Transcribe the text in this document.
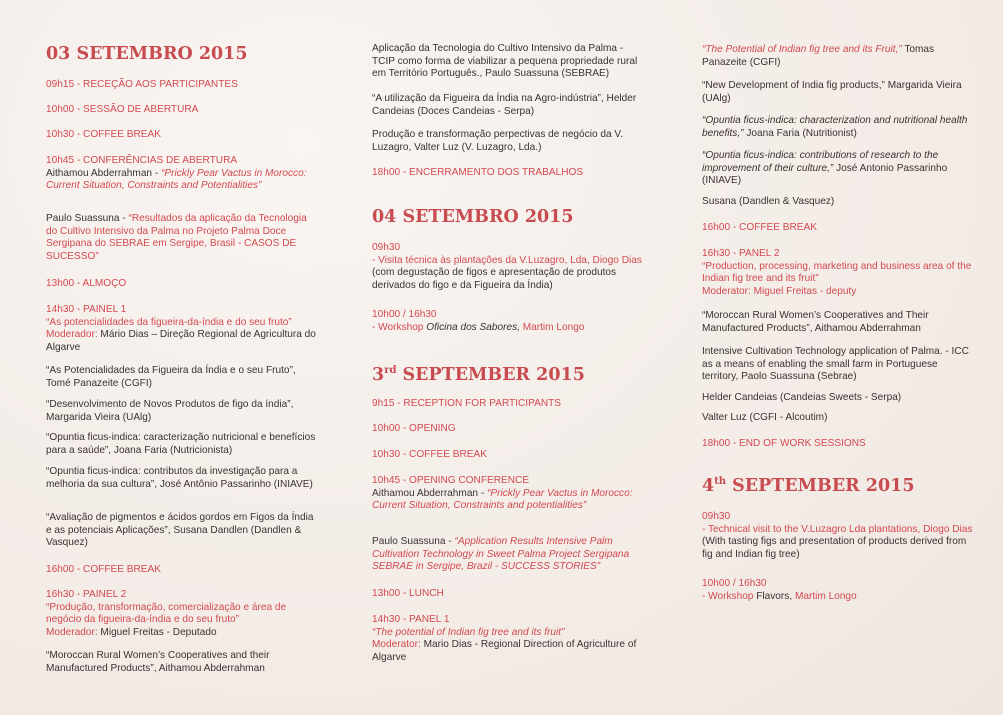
03 SETEMBRO 2015

09h15 - RECEÇÃO AOS PARTICIPANTES

10h00 - SESSÃO DE ABERTURA

10h30 - COFFEE BREAK

10h45 - CONFERÊNCIAS DE ABERTURA
Aithamou Abderrahman - “Prickly Pear Vactus in Morocco: Current Situation, Constraints and Potentialities”

Paulo Suassuna - “Resultados da aplicação da Tecnologia do Cultivo Intensivo da Palma no Projeto Palma Doce Sergipana do SEBRAE em Sergipe, Brasil - CASOS DE SUCESSO”

13h00 - ALMOÇO

14h30 - PAINEL 1
“As potencialidades da figueira-da-índia e do seu fruto”
Moderador: Mário Dias – Direção Regional de Agricultura do Algarve

“As Potencialidades da Figueira da Índia e o seu Fruto”, Tomé Panazeite (CGFI)

“Desenvolvimento de Novos Produtos de figo da índia”, Margarida Vieira (UAlg)

“Opuntia ficus-indica: caracterização nutricional e benefícios para a saúde”, Joana Faria (Nutricionista)

“Opuntia ficus-indica: contributos da investigação para a melhoria da sua cultura”, José Antônio Passarinho (INIAVE)

“Avaliação de pigmentos e ácidos gordos em Figos da Índia e as potenciais Aplicações”, Susana Dandlen (Dandlen & Vasquez)

16h00 - COFFEE BREAK

16h30 - PAINEL 2
“Produção, transformação, comercialização e área de negócio da figueira-da-índia e do seu fruto”
Moderador: Miguel Freitas - Deputado

“Moroccan Rural Women’s Cooperatives and their Manufactured Products”, Aithamou Abderrahman

Aplicação da Tecnologia do Cultivo Intensivo da Palma - TCIP como forma de viabilizar a pequena propriedade rural em Território Português., Paulo Suassuna (SEBRAE)

“A utilização da Figueira da Índia na Agro-indústria”, Helder Candeias (Doces Candeias - Serpa)

Produção e transformação perpectivas de negócio da V. Luzagro, Valter Luz (V. Luzagro, Lda.)

18h00 - ENCERRAMENTO DOS TRABALHOS

04 SETEMBRO 2015

09h30
- Visita técnica às plantações da V.Luzagro, Lda, Diogo Dias (com degustação de figos e apresentação de produtos derivados do figo e da Figueira da Índia)

10h00 / 16h30
- Workshop Oficina dos Sabores, Martim Longo

3rd SEPTEMBER 2015

9h15 - RECEPTION FOR PARTICIPANTS

10h00 - OPENING

10h30 - COFFEE BREAK

10h45 - OPENING CONFERENCE
Aithamou Abderrahman - “Prickly Pear Vactus in Morocco: Current Situation, Constraints and potentialities”

Paulo Suassuna - “Application Results Intensive Palm Cultivation Technology in Sweet Palma Project Sergipana SEBRAE in Sergipe, Brazil - SUCCESS STORIES”

13h00 - LUNCH

14h30 - PANEL 1
“The potential of Indian fig tree and its fruit”
Moderator: Mario Dias - Regional Direction of Agriculture of Algarve

“The Potential of Indian fig tree and its Fruit,” Tomas Panazeite (CGFI)

“New Development of India fig products,” Margarida Vieira (UAlg)

“Opuntia ficus-indica: characterization and nutritional health benefits,” Joana Faria (Nutritionist)

“Opuntia ficus-indica: contributions of research to the improvement of their culture,” José Antonio Passarinho (INIAVE)

Susana (Dandlen & Vasquez)

16h00 - COFFEE BREAK

16h30 - PANEL 2
“Production, processing, marketing and business area of the Indian fig tree and its fruit”
Moderator: Miguel Freitas - deputy

“Moroccan Rural Women’s Cooperatives and Their Manufactured Products”, Aithamou Abderrahman

Intensive Cultivation Technology application of Palma. - ICC as a means of enabling the small farm in Portuguese territory, Paolo Suassuna (Sebrae)

Helder Candeias (Candeias Sweets - Serpa)

Valter Luz (CGFI - Alcoutim)

18h00 - END OF WORK SESSIONS

4th SEPTEMBER 2015

09h30
- Technical visit to the V.Luzagro Lda plantations, Diogo Dias (With tasting figs and presentation of products derived from fig and Indian fig tree)

10h00 / 16h30
- Workshop Flavors, Martim Longo
